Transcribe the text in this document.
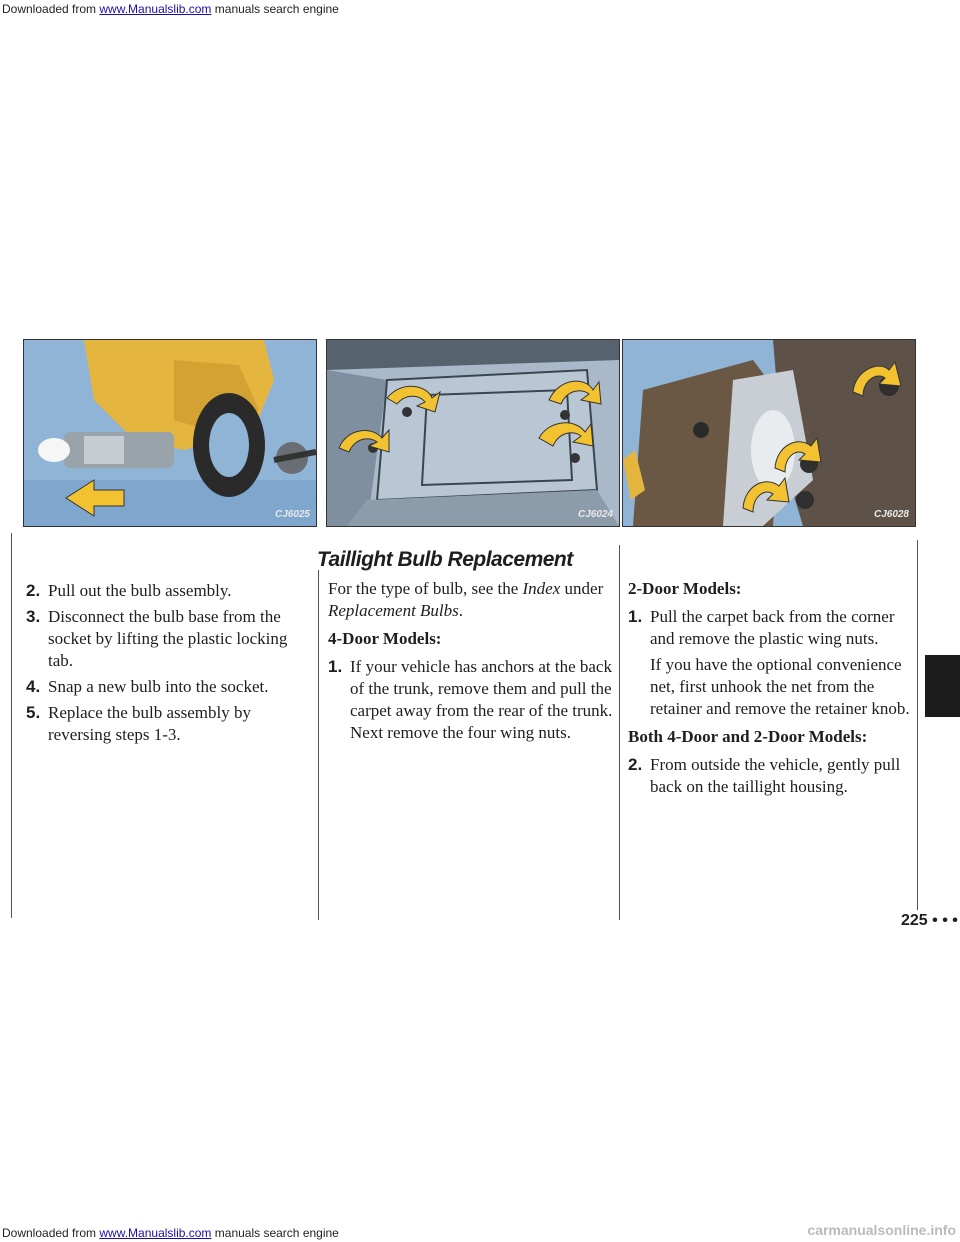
Downloaded from www.Manualslib.com manuals search engine
CJ6025	CJ6024	CJ6028
2. Pull out the bulb assembly.
3. Disconnect the bulb base from the socket by lifting the plastic locking tab.
4. Snap a new bulb into the socket.
5. Replace the bulb assembly by reversing steps 1-3.
Taillight Bulb Replacement
For the type of bulb, see the Index under Replacement Bulbs.
4-Door Models:
1. If your vehicle has anchors at the back of the trunk, remove them and pull the carpet away from the rear of the trunk. Next remove the four wing nuts.
2-Door Models:
1. Pull the carpet back from the corner and remove the plastic wing nuts.
If you have the optional convenience net, first unhook the net from the retainer and remove the retainer knob.
Both 4-Door and 2-Door Models:
2. From outside the vehicle, gently pull back on the taillight housing.
225 • • •
Downloaded from www.Manualslib.com manuals search engine	carmanualsonline.info
